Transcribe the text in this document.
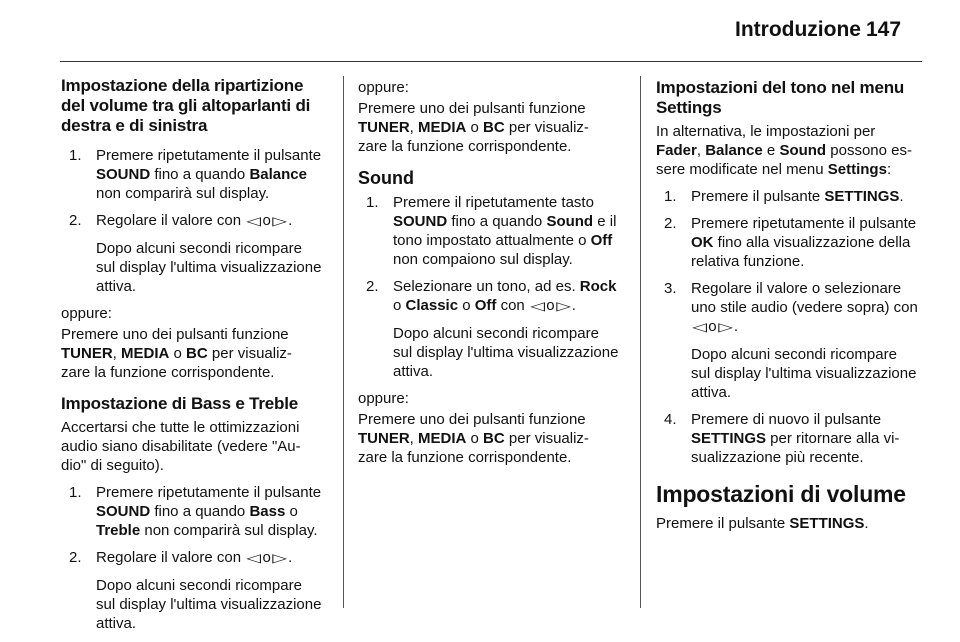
Introduzione 147
Impostazione della ripartizione
del volume tra gli altoparlanti di
destra e di sinistra
1. Premere ripetutamente il pulsante
SOUND fino a quando Balance
non comparirà sul display.
2. Regolare il valore con ◁o▷.
Dopo alcuni secondi ricompare
sul display l'ultima visualizzazione
attiva.

oppure:

Premere uno dei pulsanti funzione
TUNER, MEDIA o BC per visualiz-
zare la funzione corrispondente.

Impostazione di Bass e Treble

Accertarsi che tutte le ottimizzazioni
audio siano disabilitate (vedere "Au-
dio" di seguito).

1. Premere ripetutamente il pulsante
SOUND fino a quando Bass o
Treble non comparirà sul display.
2. Regolare il valore con ◁o▷.
Dopo alcuni secondi ricompare
sul display l'ultima visualizzazione
attiva.

oppure:

Premere uno dei pulsanti funzione
TUNER, MEDIA o BC per visualiz-
zare la funzione corrispondente.

Sound
1. Premere il ripetutamente tasto
SOUND fino a quando Sound e il
tono impostato attualmente o Off
non compaiono sul display.
2. Selezionare un tono, ad es. Rock
o Classic o Off con ◁o▷.
Dopo alcuni secondi ricompare
sul display l'ultima visualizzazione
attiva.

oppure:

Premere uno dei pulsanti funzione
TUNER, MEDIA o BC per visualiz-
zare la funzione corrispondente.

Impostazioni del tono nel menu
Settings

In alternativa, le impostazioni per
Fader, Balance e Sound possono es-
sere modificate nel menu Settings:

1. Premere il pulsante SETTINGS.
2. Premere ripetutamente il pulsante
OK fino alla visualizzazione della
relativa funzione.
3. Regolare il valore o selezionare
uno stile audio (vedere sopra) con
◁o▷.
Dopo alcuni secondi ricompare
sul display l'ultima visualizzazione
attiva.
4. Premere di nuovo il pulsante
SETTINGS per ritornare alla vi-
sualizzazione più recente.
Impostazioni di volume

Premere il pulsante SETTINGS.
